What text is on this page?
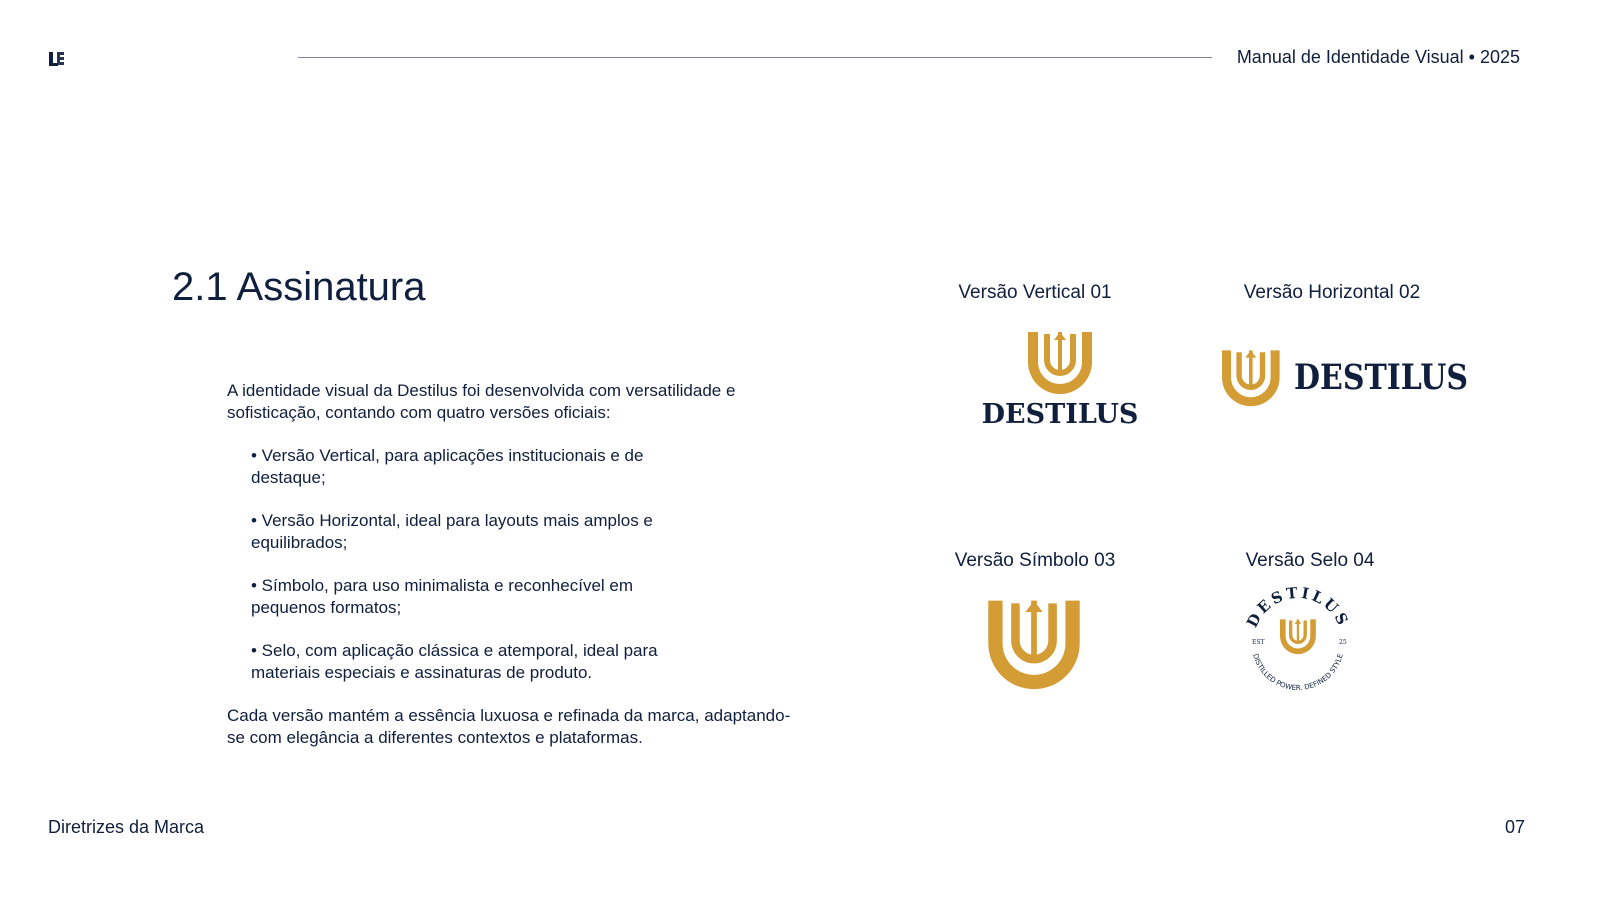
Manual de Identidade Visual • 2025
2.1 Assinatura

A identidade visual da Destilus foi desenvolvida com versatilidade e sofisticação, contando com quatro versões oficiais:

• Versão Vertical, para aplicações institucionais e de destaque;
• Versão Horizontal, ideal para layouts mais amplos e equilibrados;
• Símbolo, para uso minimalista e reconhecível em pequenos formatos;
• Selo, com aplicação clássica e atemporal, ideal para materiais especiais e assinaturas de produto.

Cada versão mantém a essência luxuosa e refinada da marca, adaptando-se com elegância a diferentes contextos e plataformas.

Versão Vertical 01	Versão Horizontal 02
Versão Símbolo 03	Versão Selo 04
DESTILUS
DESTILUS
DESTILUS
DISTILLED POWER. DEFINED STYLE
EST	25
Diretrizes da Marca	07
